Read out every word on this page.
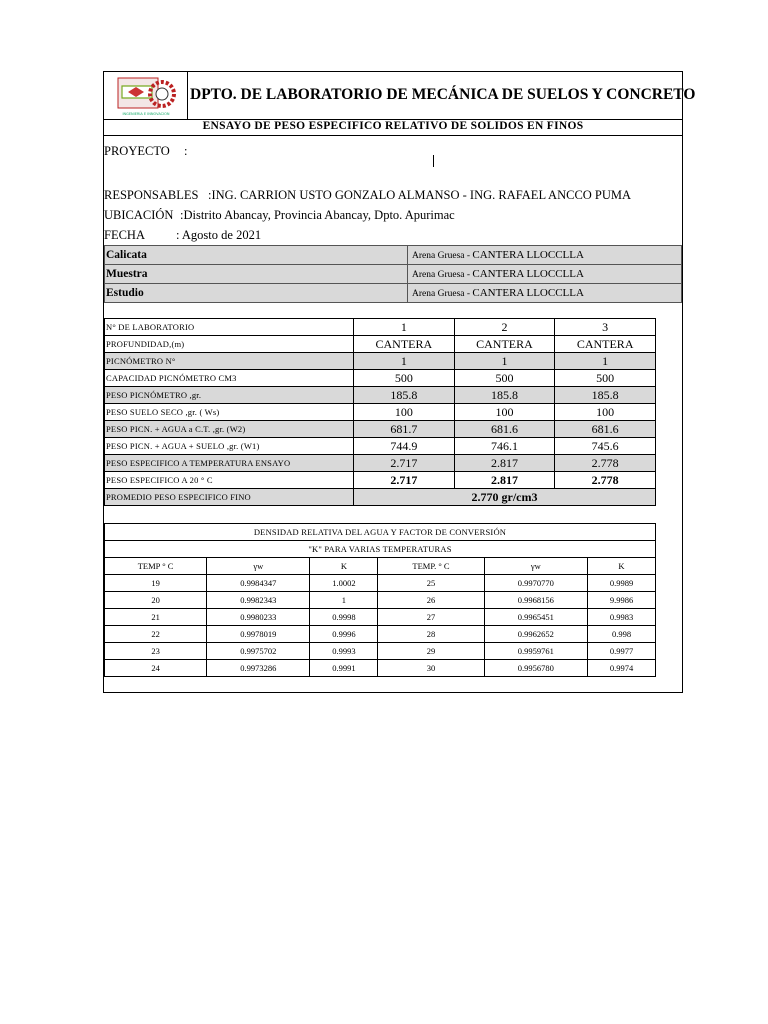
INGENIERIA E INNOVACION
DPTO. DE LABORATORIO DE MECÁNICA DE SUELOS Y CONCRETO
ENSAYO DE PESO ESPECIFICO RELATIVO DE SOLIDOS EN FINOS
PROYECTO :
RESPONSABLES :ING. CARRION USTO GONZALO ALMANSO - ING. RAFAEL ANCCO PUMA
UBICACIÓN :Distrito Abancay, Provincia Abancay, Dpto. Apurimac
FECHA : Agosto de 2021
Calicata	Arena Gruesa - CANTERA LLOCCLLA
Muestra	Arena Gruesa - CANTERA LLOCCLLA
Estudio	Arena Gruesa - CANTERA LLOCCLLA
N° DE LABORATORIO	1	2	3
PROFUNDIDAD,(m)	CANTERA	CANTERA	CANTERA
PICNÓMETRO N°	1	1	1
CAPACIDAD PICNÓMETRO CM3	500	500	500
PESO PICNÓMETRO ,gr.	185.8	185.8	185.8
PESO SUELO SECO ,gr. ( Ws)	100	100	100
PESO PICN. + AGUA a C.T. ,gr. (W2)	681.7	681.6	681.6
PESO PICN. + AGUA + SUELO ,gr. (W1)	744.9	746.1	745.6
PESO ESPECIFICO A TEMPERATURA ENSAYO	2.717	2.817	2.778
PESO ESPECIFICO A 20 ° C	2.717	2.817	2.778
PROMEDIO PESO ESPECIFICO FINO	2.770 gr/cm3		
DENSIDAD RELATIVA DEL AGUA Y FACTOR DE CONVERSIÓN					
"K" PARA VARIAS TEMPERATURAS					
TEMP ° C	γw	K	TEMP. ° C	γw	K
19	0.9984347	1.0002	25	0.9970770	0.9989
20	0.9982343	1	26	0.9968156	9.9986
21	0.9980233	0.9998	27	0.9965451	0.9983
22	0.9978019	0.9996	28	0.9962652	0.998
23	0.9975702	0.9993	29	0.9959761	0.9977
24	0.9973286	0.9991	30	0.9956780	0.9974
